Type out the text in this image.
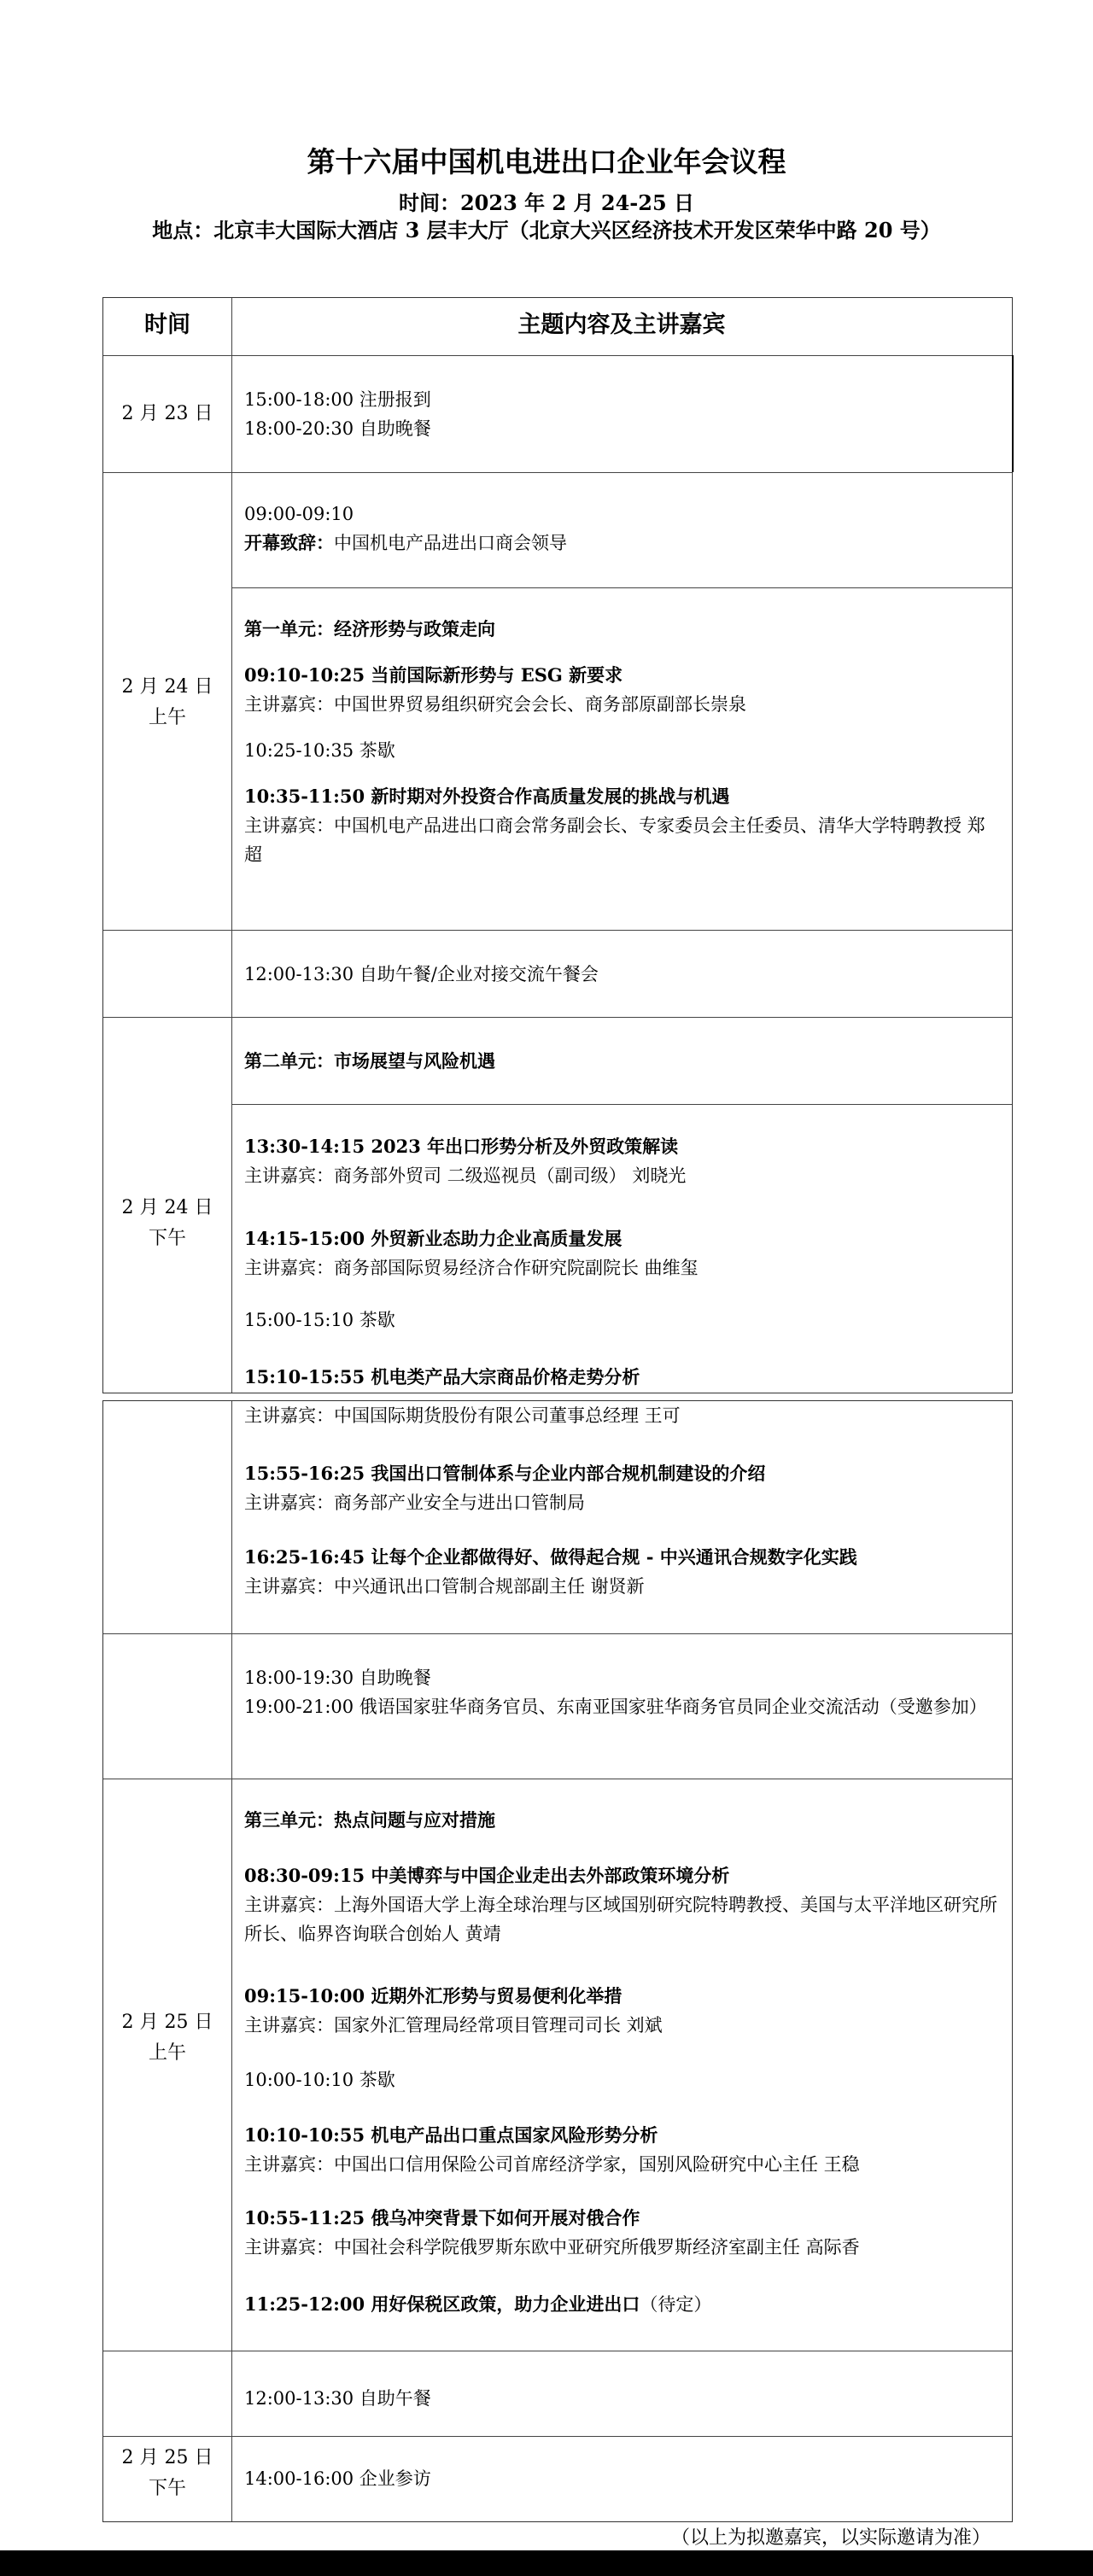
第十六届中国机电进出口企业年会议程
时间：2023 年 2 月 24-25 日
地点：北京丰大国际大酒店 3 层丰大厅（北京大兴区经济技术开发区荣华中路 20 号）
时间	主题内容及主讲嘉宾
2 月 23 日
15:00-18:00 注册报到
18:00-20:30 自助晚餐
2 月 24 日
上午
09:00-09:10
开幕致辞：中国机电产品进出口商会领导
第一单元：经济形势与政策走向
09:10-10:25 当前国际新形势与 ESG 新要求
主讲嘉宾：中国世界贸易组织研究会会长、商务部原副部长崇泉
10:25-10:35 茶歇
10:35-11:50 新时期对外投资合作高质量发展的挑战与机遇
主讲嘉宾：中国机电产品进出口商会常务副会长、专家委员会主任委员、清华大学特聘教授 郑 超
12:00-13:30 自助午餐/企业对接交流午餐会
2 月 24 日
下午
第二单元：市场展望与风险机遇
13:30-14:15 2023 年出口形势分析及外贸政策解读
主讲嘉宾：商务部外贸司 二级巡视员（副司级） 刘晓光
14:15-15:00 外贸新业态助力企业高质量发展
主讲嘉宾：商务部国际贸易经济合作研究院副院长 曲维玺
15:00-15:10 茶歇
15:10-15:55 机电类产品大宗商品价格走势分析
主讲嘉宾：中国国际期货股份有限公司董事总经理 王可
15:55-16:25 我国出口管制体系与企业内部合规机制建设的介绍
主讲嘉宾：商务部产业安全与进出口管制局
16:25-16:45 让每个企业都做得好、做得起合规 - 中兴通讯合规数字化实践
主讲嘉宾：中兴通讯出口管制合规部副主任 谢贤新
18:00-19:30 自助晚餐
19:00-21:00 俄语国家驻华商务官员、东南亚国家驻华商务官员同企业交流活动（受邀参加）
2 月 25 日
上午
第三单元：热点问题与应对措施
08:30-09:15 中美博弈与中国企业走出去外部政策环境分析
主讲嘉宾：上海外国语大学上海全球治理与区域国别研究院特聘教授、美国与太平洋地区研究所所长、临界咨询联合创始人 黄靖
09:15-10:00 近期外汇形势与贸易便利化举措
主讲嘉宾：国家外汇管理局经常项目管理司司长 刘斌
10:00-10:10 茶歇
10:10-10:55 机电产品出口重点国家风险形势分析
主讲嘉宾：中国出口信用保险公司首席经济学家，国别风险研究中心主任 王稳
10:55-11:25 俄乌冲突背景下如何开展对俄合作
主讲嘉宾：中国社会科学院俄罗斯东欧中亚研究所俄罗斯经济室副主任 高际香
11:25-12:00 用好保税区政策，助力企业进出口（待定）
12:00-13:30 自助午餐
2 月 25 日
下午	14:00-16:00 企业参访
（以上为拟邀嘉宾，以实际邀请为准）
